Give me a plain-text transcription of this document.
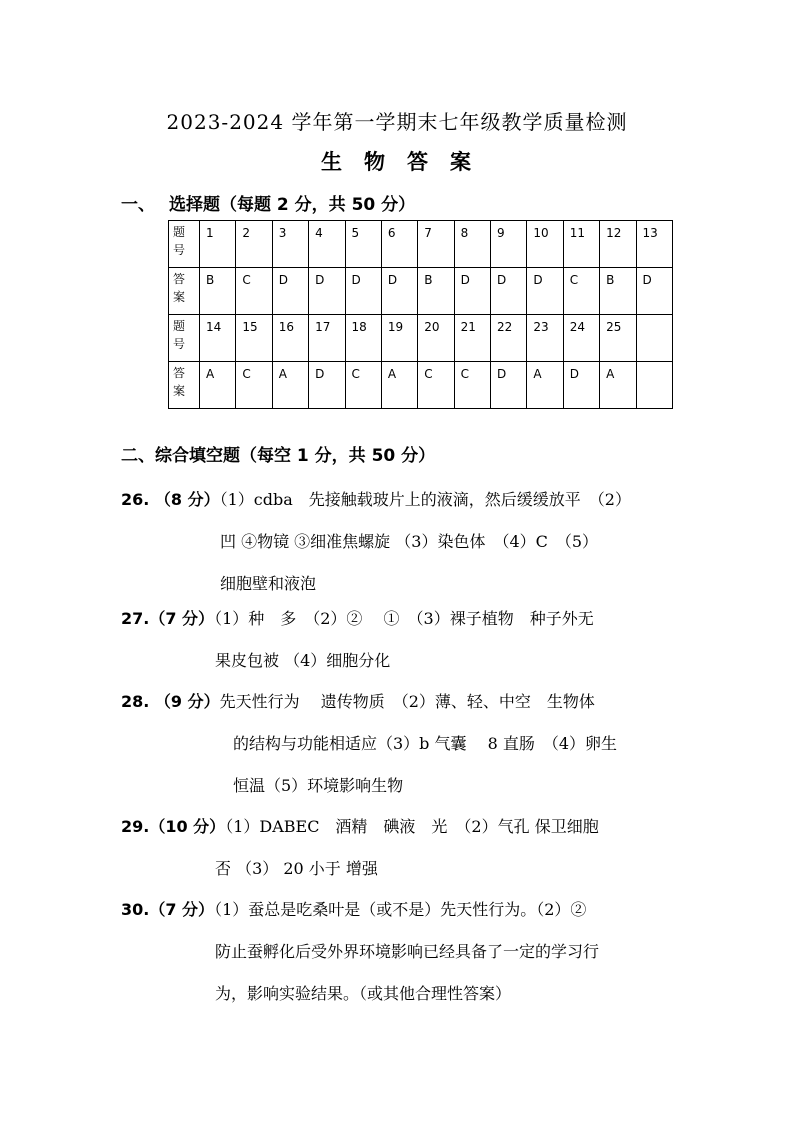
2023-2024 学年第一学期末七年级教学质量检测
生物答案
一、 选择题（每题 2 分，共 50 分）
题
号	1	2	3	4	5	6	7	8	9	10	11	12	13
答
案	B	C	D	D	D	D	B	D	D	D	C	B	D
题
号	14	15	16	17	18	19	20	21	22	23	24	25	
答
案	A	C	A	D	C	A	C	C	D	A	D	A	
二、综合填空题（每空 1 分，共 50 分）
26. （8 分）（1）cdba　先接触载玻片上的液滴，然后缓缓放平　（2）
凹 ④物镜 ③细准焦螺旋 （3）染色体　（4）C　（5）
细胞壁和液泡
27.（7 分）（1）种　多　（2）②　 ①　（3）裸子植物　种子外无
果皮包被 （4）细胞分化
28. （9 分）先天性行为　 遗传物质　（2）薄、轻、中空　生物体
的结构与功能相适应（3）b 气囊　 8 直肠　（4）卵生
恒温（5）环境影响生物
29.（10 分）（1）DABEC　酒精　碘液　光　（2）气孔 保卫细胞
否 （3） 20 小于 增强
30.（7 分）（1）蚕总是吃桑叶是（或不是）先天性行为。（2）②
防止蚕孵化后受外界环境影响已经具备了一定的学习行
为，影响实验结果。（或其他合理性答案）
